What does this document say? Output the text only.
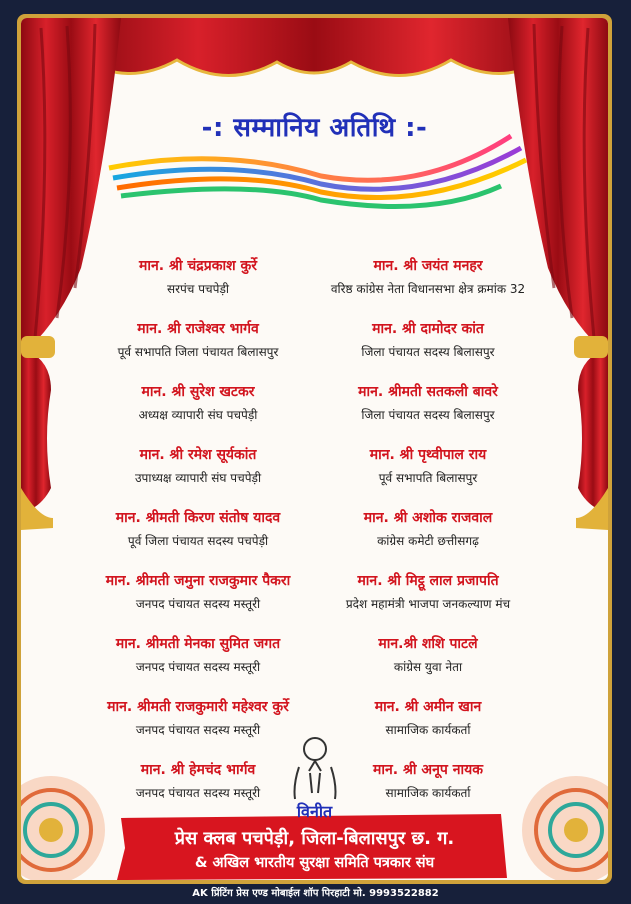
-: सम्मानिय अतिथि :-
मान. श्री चंद्रप्रकाश कुर्रे
सरपंच पचपेड़ी
मान. श्री राजेश्वर भार्गव
पूर्व सभापति जिला पंचायत बिलासपुर
मान. श्री सुरेश खटकर
अध्यक्ष व्यापारी संघ पचपेड़ी
मान. श्री रमेश सूर्यकांत
उपाध्यक्ष व्यापारी संघ पचपेड़ी
मान. श्रीमती किरण संतोष यादव
पूर्व जिला पंचायत सदस्य पचपेड़ी
मान. श्रीमती जमुना राजकुमार पैकरा
जनपद पंचायत सदस्य मस्तूरी
मान. श्रीमती मेनका सुमित जगत
जनपद पंचायत सदस्य मस्तूरी
मान. श्रीमती राजकुमारी महेश्वर कुर्रे
जनपद पंचायत सदस्य मस्तूरी
मान. श्री हेमचंद भार्गव
जनपद पंचायत सदस्य मस्तूरी
मान. श्री जयंत मनहर
वरिष्ठ कांग्रेस नेता विधानसभा क्षेत्र क्रमांक 32
मान. श्री दामोदर कांत
जिला पंचायत सदस्य बिलासपुर
मान. श्रीमती सतकली बावरे
जिला पंचायत सदस्य बिलासपुर
मान. श्री पृथ्वीपाल राय
पूर्व सभापति बिलासपुर
मान. श्री अशोक राजवाल
कांग्रेस कमेटी छत्तीसगढ़
मान. श्री मिट्ठू लाल प्रजापति
प्रदेश महामंत्री भाजपा जनकल्याण मंच
मान.श्री शशि पाटले
कांग्रेस युवा नेता
मान. श्री अमीन खान
सामाजिक कार्यकर्ता
मान. श्री अनूप नायक
सामाजिक कार्यकर्ता
विनीत
प्रेस क्लब पचपेड़ी, जिला-बिलासपुर छ. ग.
& अखिल भारतीय सुरक्षा समिति पत्रकार संघ
AK प्रिंटिंग प्रेस एण्ड मोबाईल शॉप पिरहाटी मो. 9993522882
